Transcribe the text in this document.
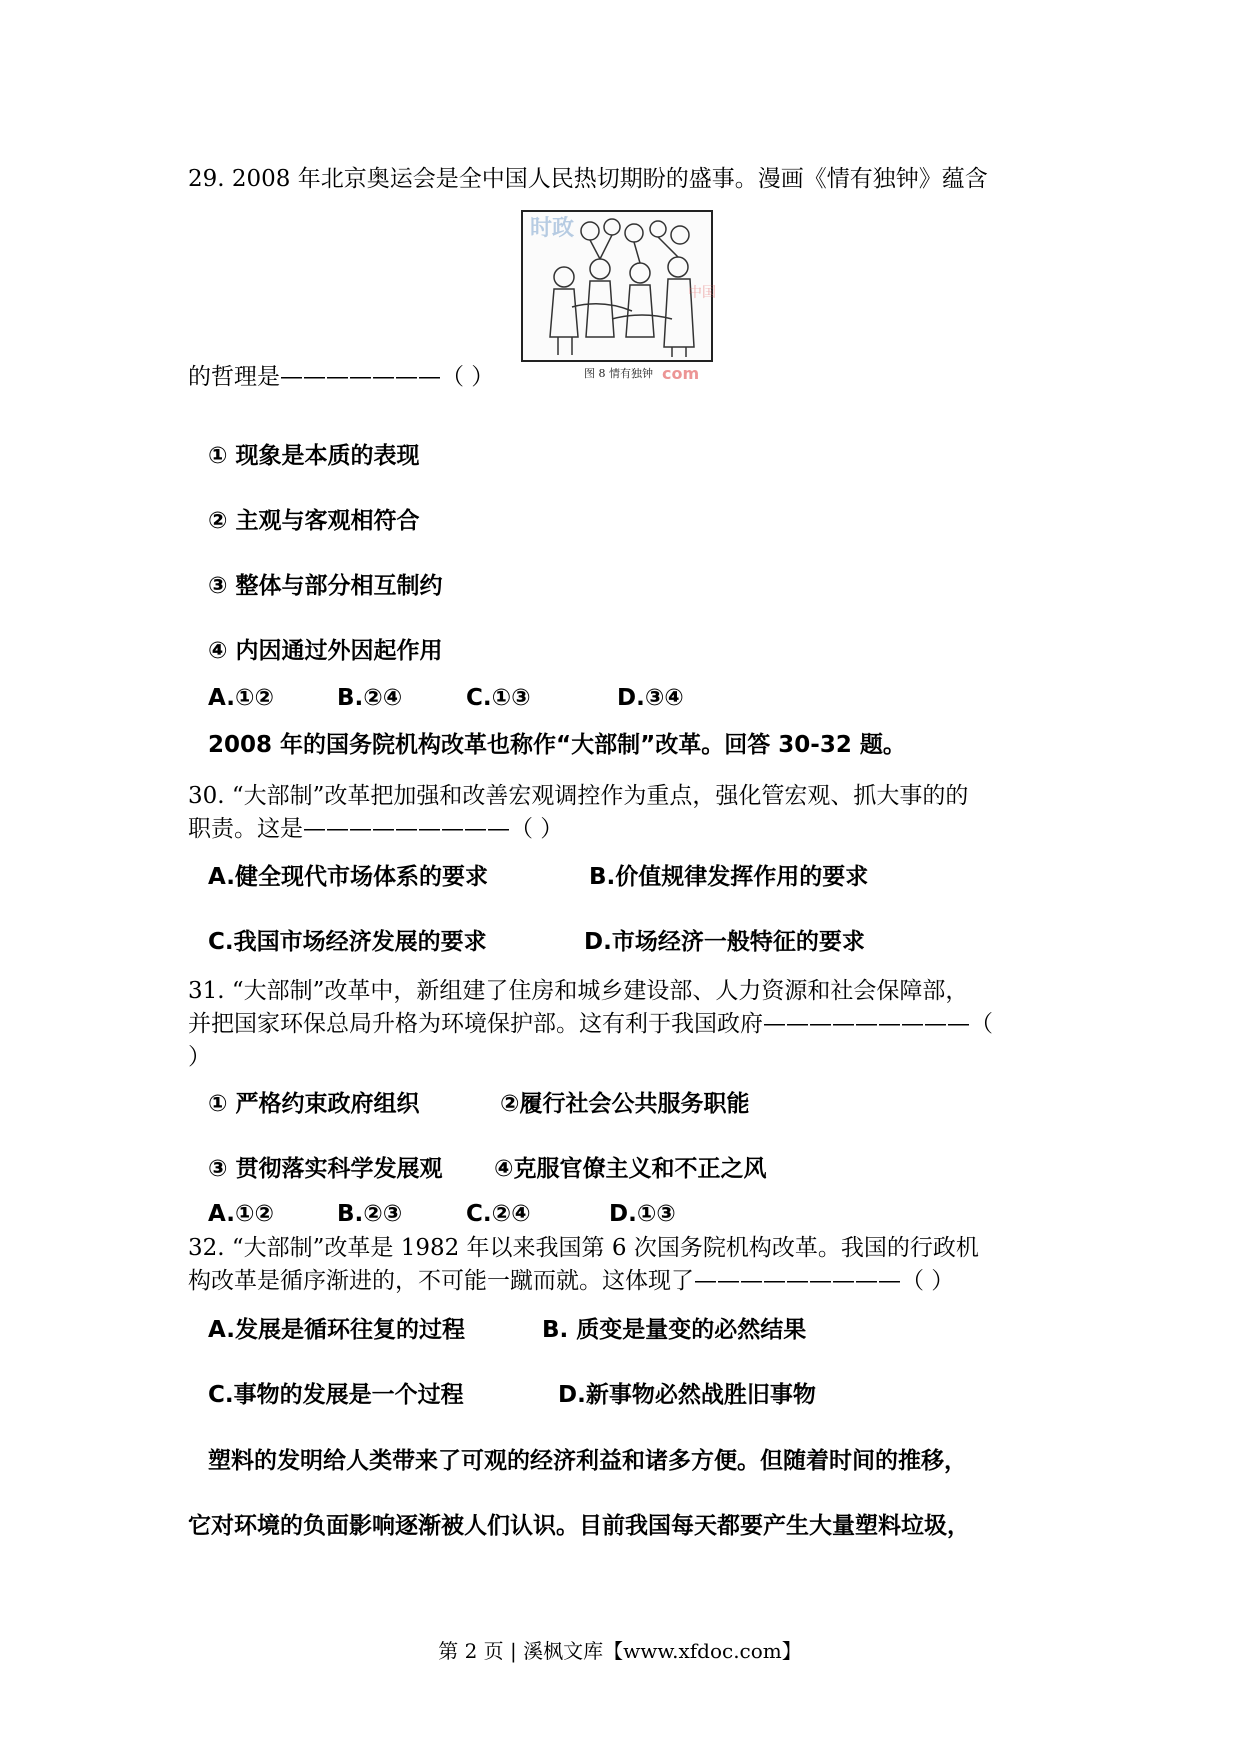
29. 2008 年北京奥运会是全中国人民热切期盼的盛事。漫画《情有独钟》蕴含
时政
中国
com
图 8 情有独钟
的哲理是———————（ ）
① 现象是本质的表现
② 主观与客观相符合
③ 整体与部分相互制约
④ 内因通过外因起作用
A.①②	B.②④	C.①③	D.③④
2008 年的国务院机构改革也称作“大部制”改革。回答 30-32 题。
30. “大部制”改革把加强和改善宏观调控作为重点，强化管宏观、抓大事的的
职责。这是—————————（ ）
A.健全现代市场体系的要求	B.价值规律发挥作用的要求
C.我国市场经济发展的要求	D.市场经济一般特征的要求
31. “大部制”改革中，新组建了住房和城乡建设部、人力资源和社会保障部，
并把国家环保总局升格为环境保护部。这有利于我国政府—————————（
）
① 严格约束政府组织	②履行社会公共服务职能
③ 贯彻落实科学发展观 ④克服官僚主义和不正之风
A.①②	B.②③	C.②④	D.①③
32. “大部制”改革是 1982 年以来我国第 6 次国务院机构改革。我国的行政机
构改革是循序渐进的，不可能一蹴而就。这体现了—————————（ ）
A.发展是循环往复的过程	B. 质变是量变的必然结果
C.事物的发展是一个过程	D.新事物必然战胜旧事物
塑料的发明给人类带来了可观的经济利益和诸多方便。但随着时间的推移，
它对环境的负面影响逐渐被人们认识。目前我国每天都要产生大量塑料垃圾，
第 2 页 | 溪枫文库【www.xfdoc.com】
